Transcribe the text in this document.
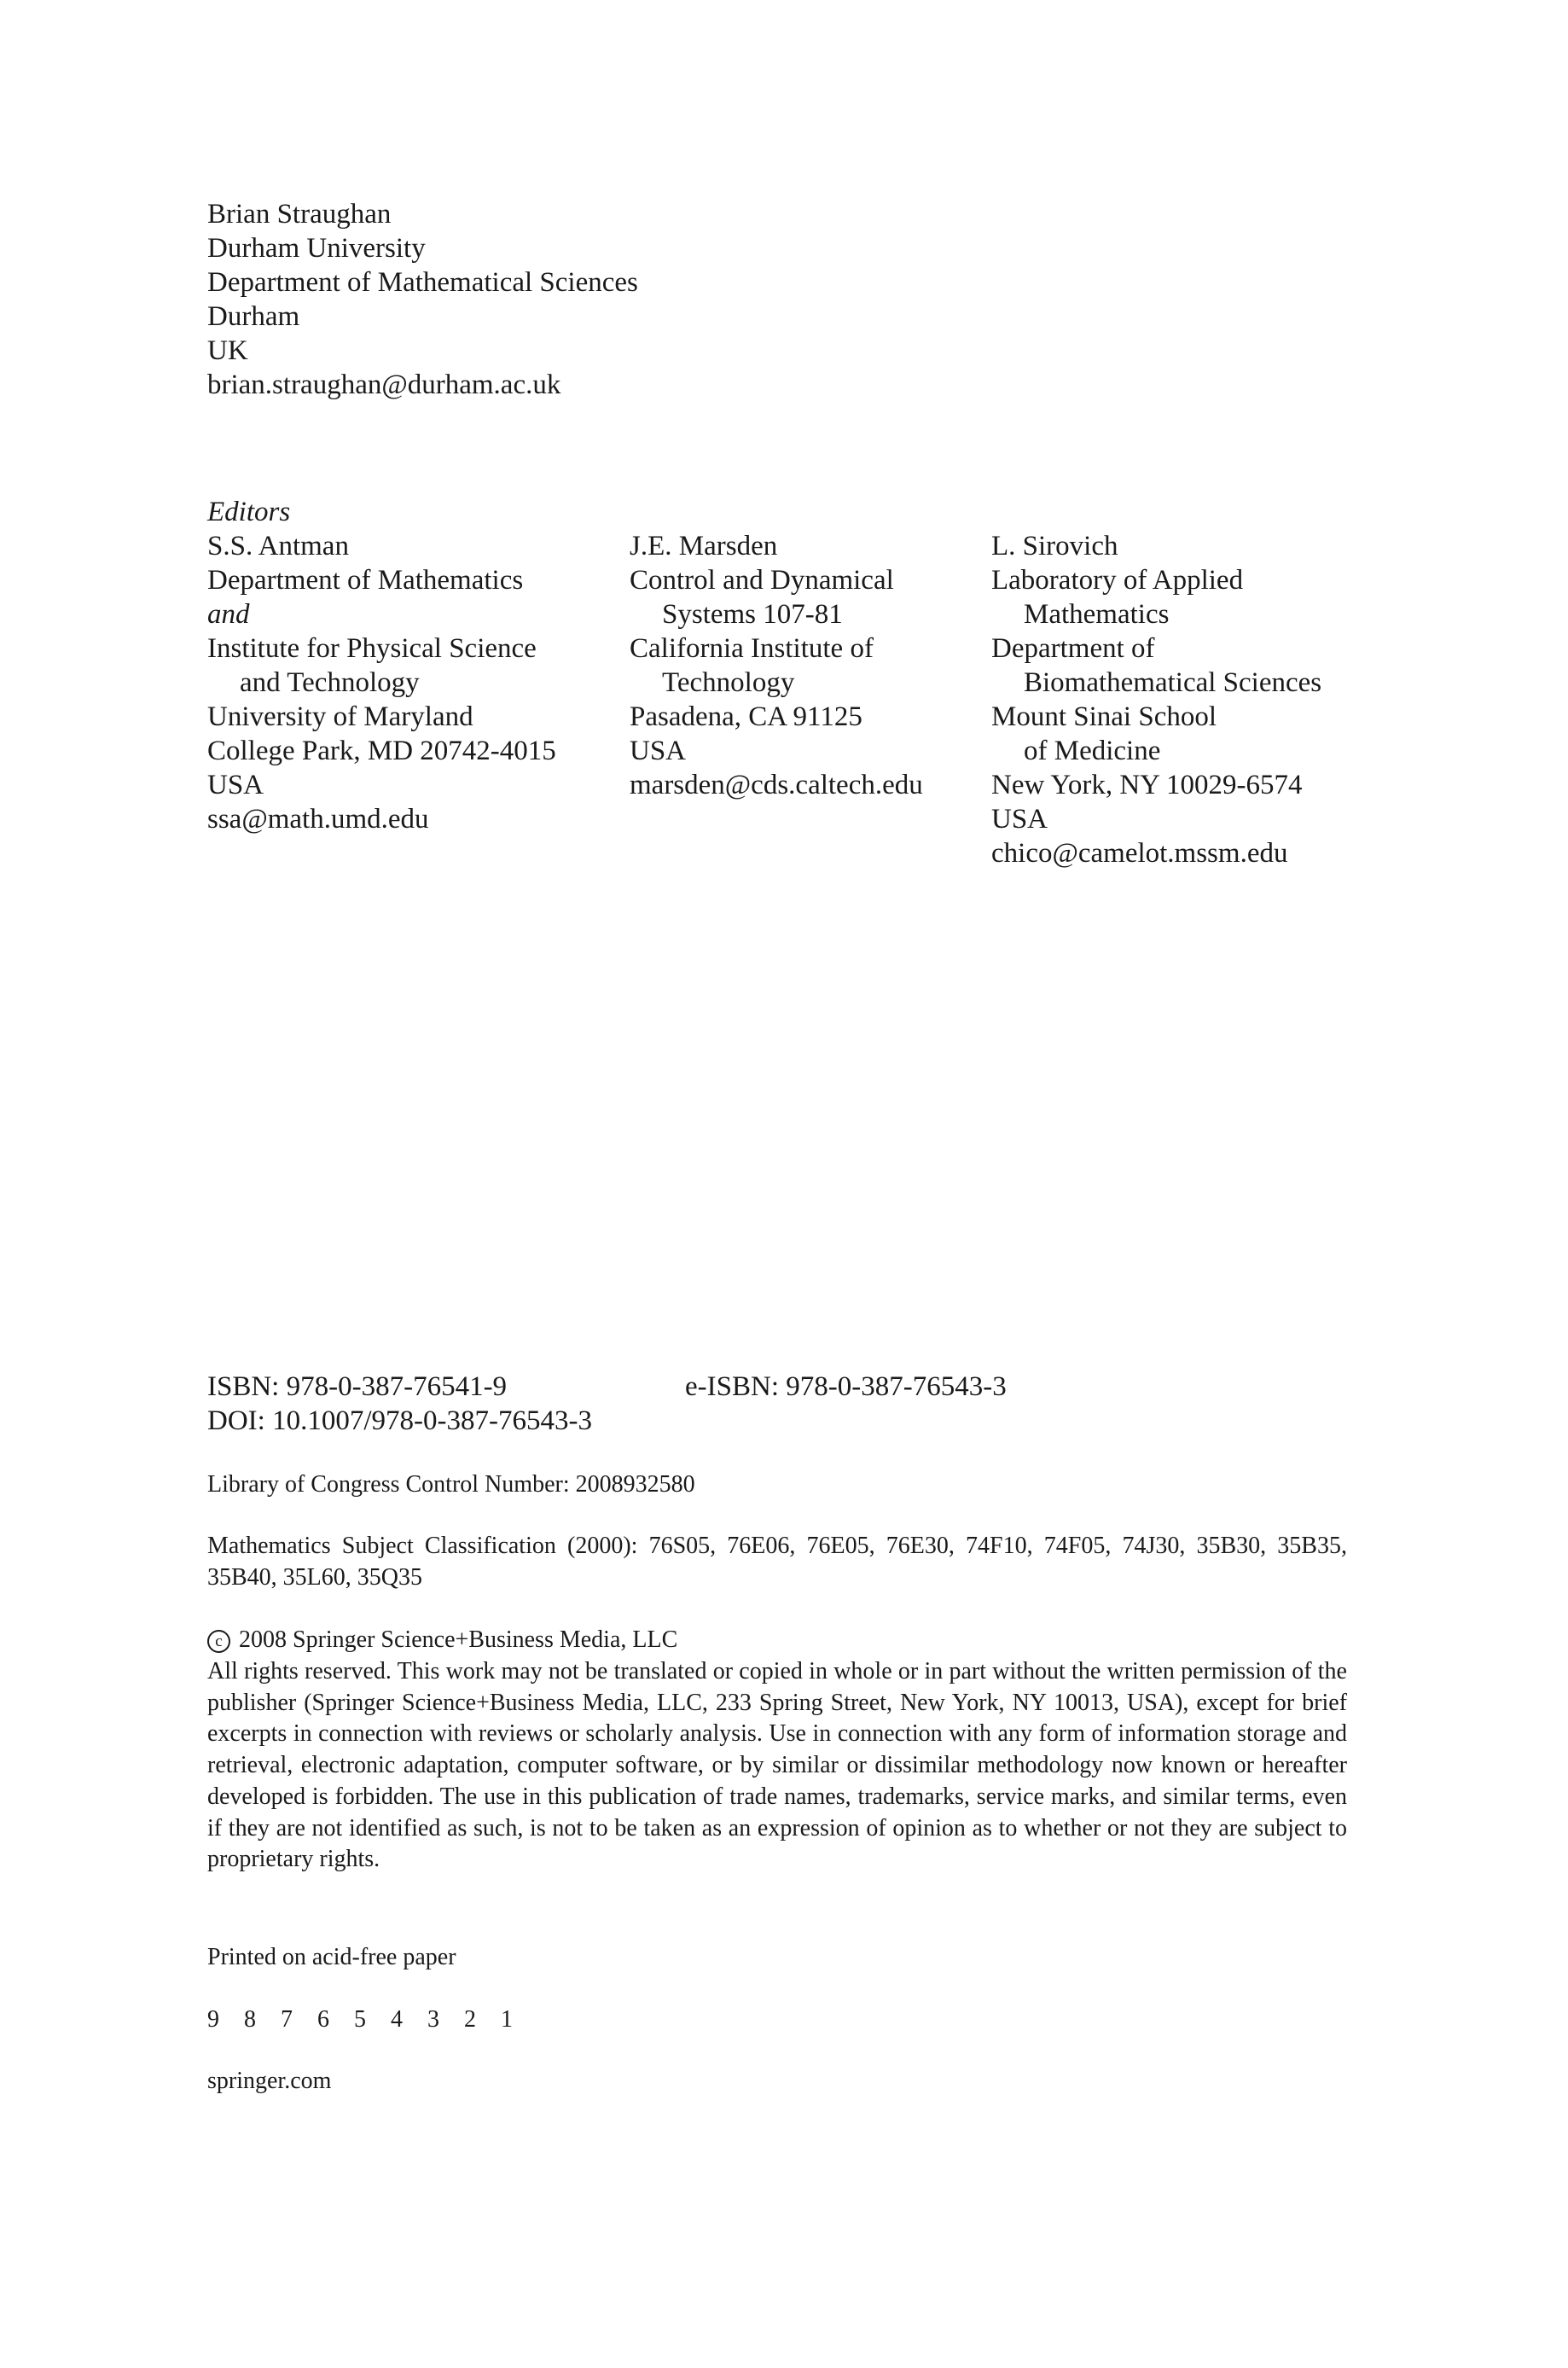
Brian Straughan
Durham University
Department of Mathematical Sciences
Durham
UK
brian.straughan@durham.ac.uk
Editors
S.S. Antman
Department of Mathematics
and
Institute for Physical Science
and Technology
University of Maryland
College Park, MD 20742-4015
USA
ssa@math.umd.edu
J.E. Marsden
Control and Dynamical
Systems 107-81
California Institute of
Technology
Pasadena, CA 91125
USA
marsden@cds.caltech.edu
L. Sirovich
Laboratory of Applied
Mathematics
Department of
Biomathematical Sciences
Mount Sinai School
of Medicine
New York, NY 10029-6574
USA
chico@camelot.mssm.edu
ISBN: 978-0-387-76541-9	e-ISBN: 978-0-387-76543-3
DOI: 10.1007/978-0-387-76543-3
Library of Congress Control Number: 2008932580
Mathematics Subject Classification (2000): 76S05, 76E06, 76E05, 76E30, 74F10, 74F05, 74J30, 35B30, 35B35, 35B40, 35L60, 35Q35
c 2008 Springer Science+Business Media, LLC
All rights reserved. This work may not be translated or copied in whole or in part without the written permission of the publisher (Springer Science+Business Media, LLC, 233 Spring Street, New York, NY 10013, USA), except for brief excerpts in connection with reviews or scholarly analysis. Use in connection with any form of information storage and retrieval, electronic adaptation, computer software, or by similar or dissimilar methodology now known or hereafter developed is forbidden. The use in this publication of trade names, trademarks, service marks, and similar terms, even if they are not identified as such, is not to be taken as an expression of opinion as to whether or not they are subject to proprietary rights.
Printed on acid-free paper
9 8 7 6 5 4 3 2 1
springer.com
